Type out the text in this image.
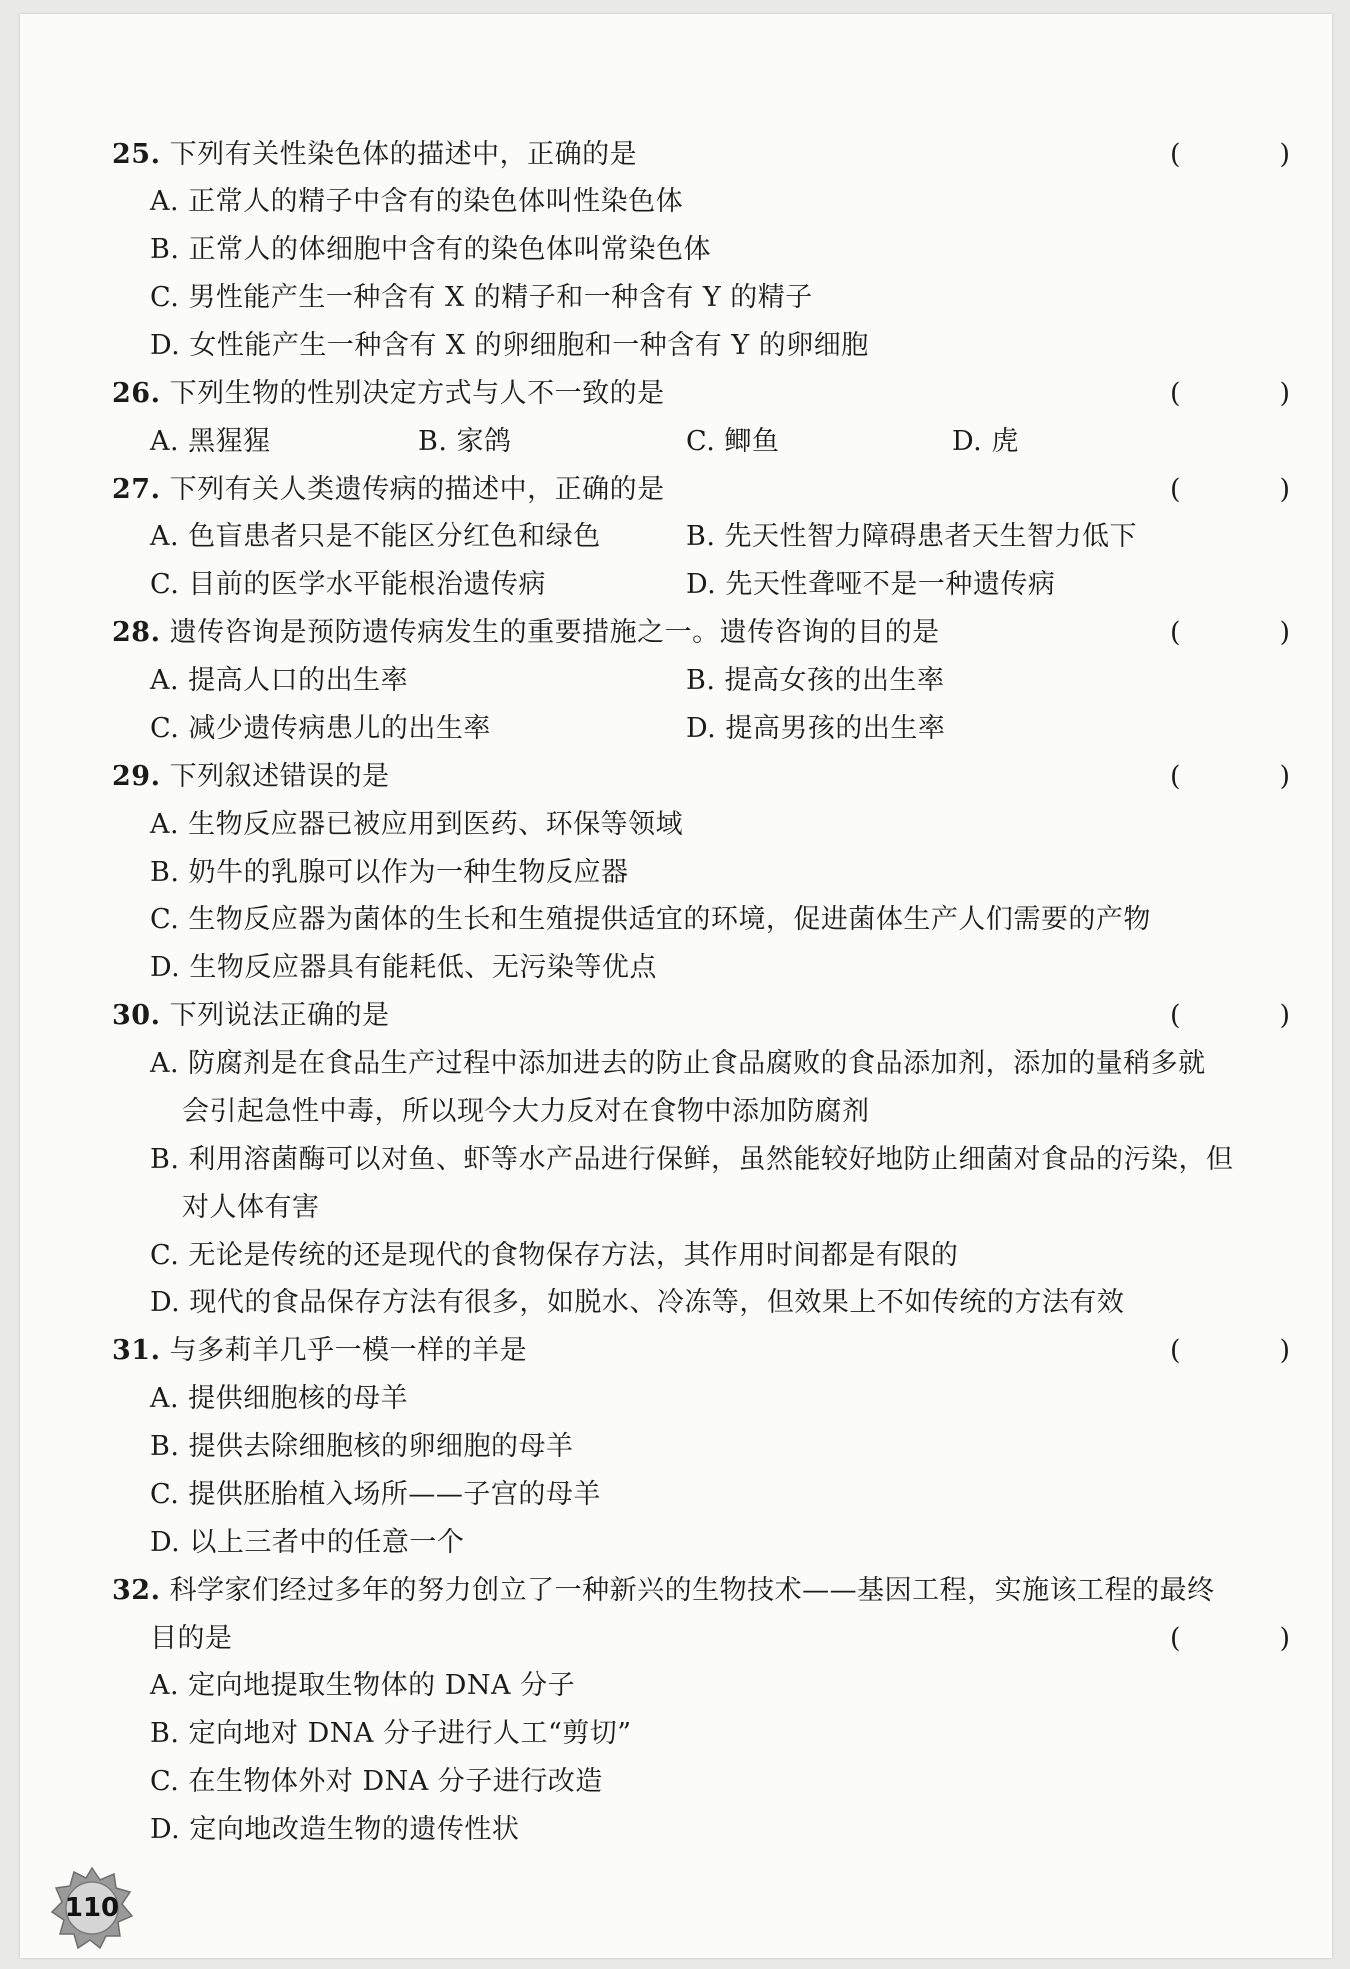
25. 下列有关性染色体的描述中，正确的是	(　)
A. 正常人的精子中含有的染色体叫性染色体
B. 正常人的体细胞中含有的染色体叫常染色体
C. 男性能产生一种含有 X 的精子和一种含有 Y 的精子
D. 女性能产生一种含有 X 的卵细胞和一种含有 Y 的卵细胞
26. 下列生物的性别决定方式与人不一致的是	(　)
A. 黑猩猩	B. 家鸽	C. 鲫鱼	D. 虎
27. 下列有关人类遗传病的描述中，正确的是	(　)
A. 色盲患者只是不能区分红色和绿色	B. 先天性智力障碍患者天生智力低下
C. 目前的医学水平能根治遗传病	D. 先天性聋哑不是一种遗传病
28. 遗传咨询是预防遗传病发生的重要措施之一。遗传咨询的目的是	(　)
A. 提高人口的出生率	B. 提高女孩的出生率
C. 减少遗传病患儿的出生率	D. 提高男孩的出生率
29. 下列叙述错误的是	(　)
A. 生物反应器已被应用到医药、环保等领域
B. 奶牛的乳腺可以作为一种生物反应器
C. 生物反应器为菌体的生长和生殖提供适宜的环境，促进菌体生产人们需要的产物
D. 生物反应器具有能耗低、无污染等优点
30. 下列说法正确的是	(　)
A. 防腐剂是在食品生产过程中添加进去的防止食品腐败的食品添加剂，添加的量稍多就
会引起急性中毒，所以现今大力反对在食物中添加防腐剂
B. 利用溶菌酶可以对鱼、虾等水产品进行保鲜，虽然能较好地防止细菌对食品的污染，但
对人体有害
C. 无论是传统的还是现代的食物保存方法，其作用时间都是有限的
D. 现代的食品保存方法有很多，如脱水、冷冻等，但效果上不如传统的方法有效
31. 与多莉羊几乎一模一样的羊是	(　)
A. 提供细胞核的母羊
B. 提供去除细胞核的卵细胞的母羊
C. 提供胚胎植入场所——子宫的母羊
D. 以上三者中的任意一个
32. 科学家们经过多年的努力创立了一种新兴的生物技术——基因工程，实施该工程的最终
目的是	(　)
A. 定向地提取生物体的 DNA 分子
B. 定向地对 DNA 分子进行人工“剪切”
C. 在生物体外对 DNA 分子进行改造
D. 定向地改造生物的遗传性状
110
